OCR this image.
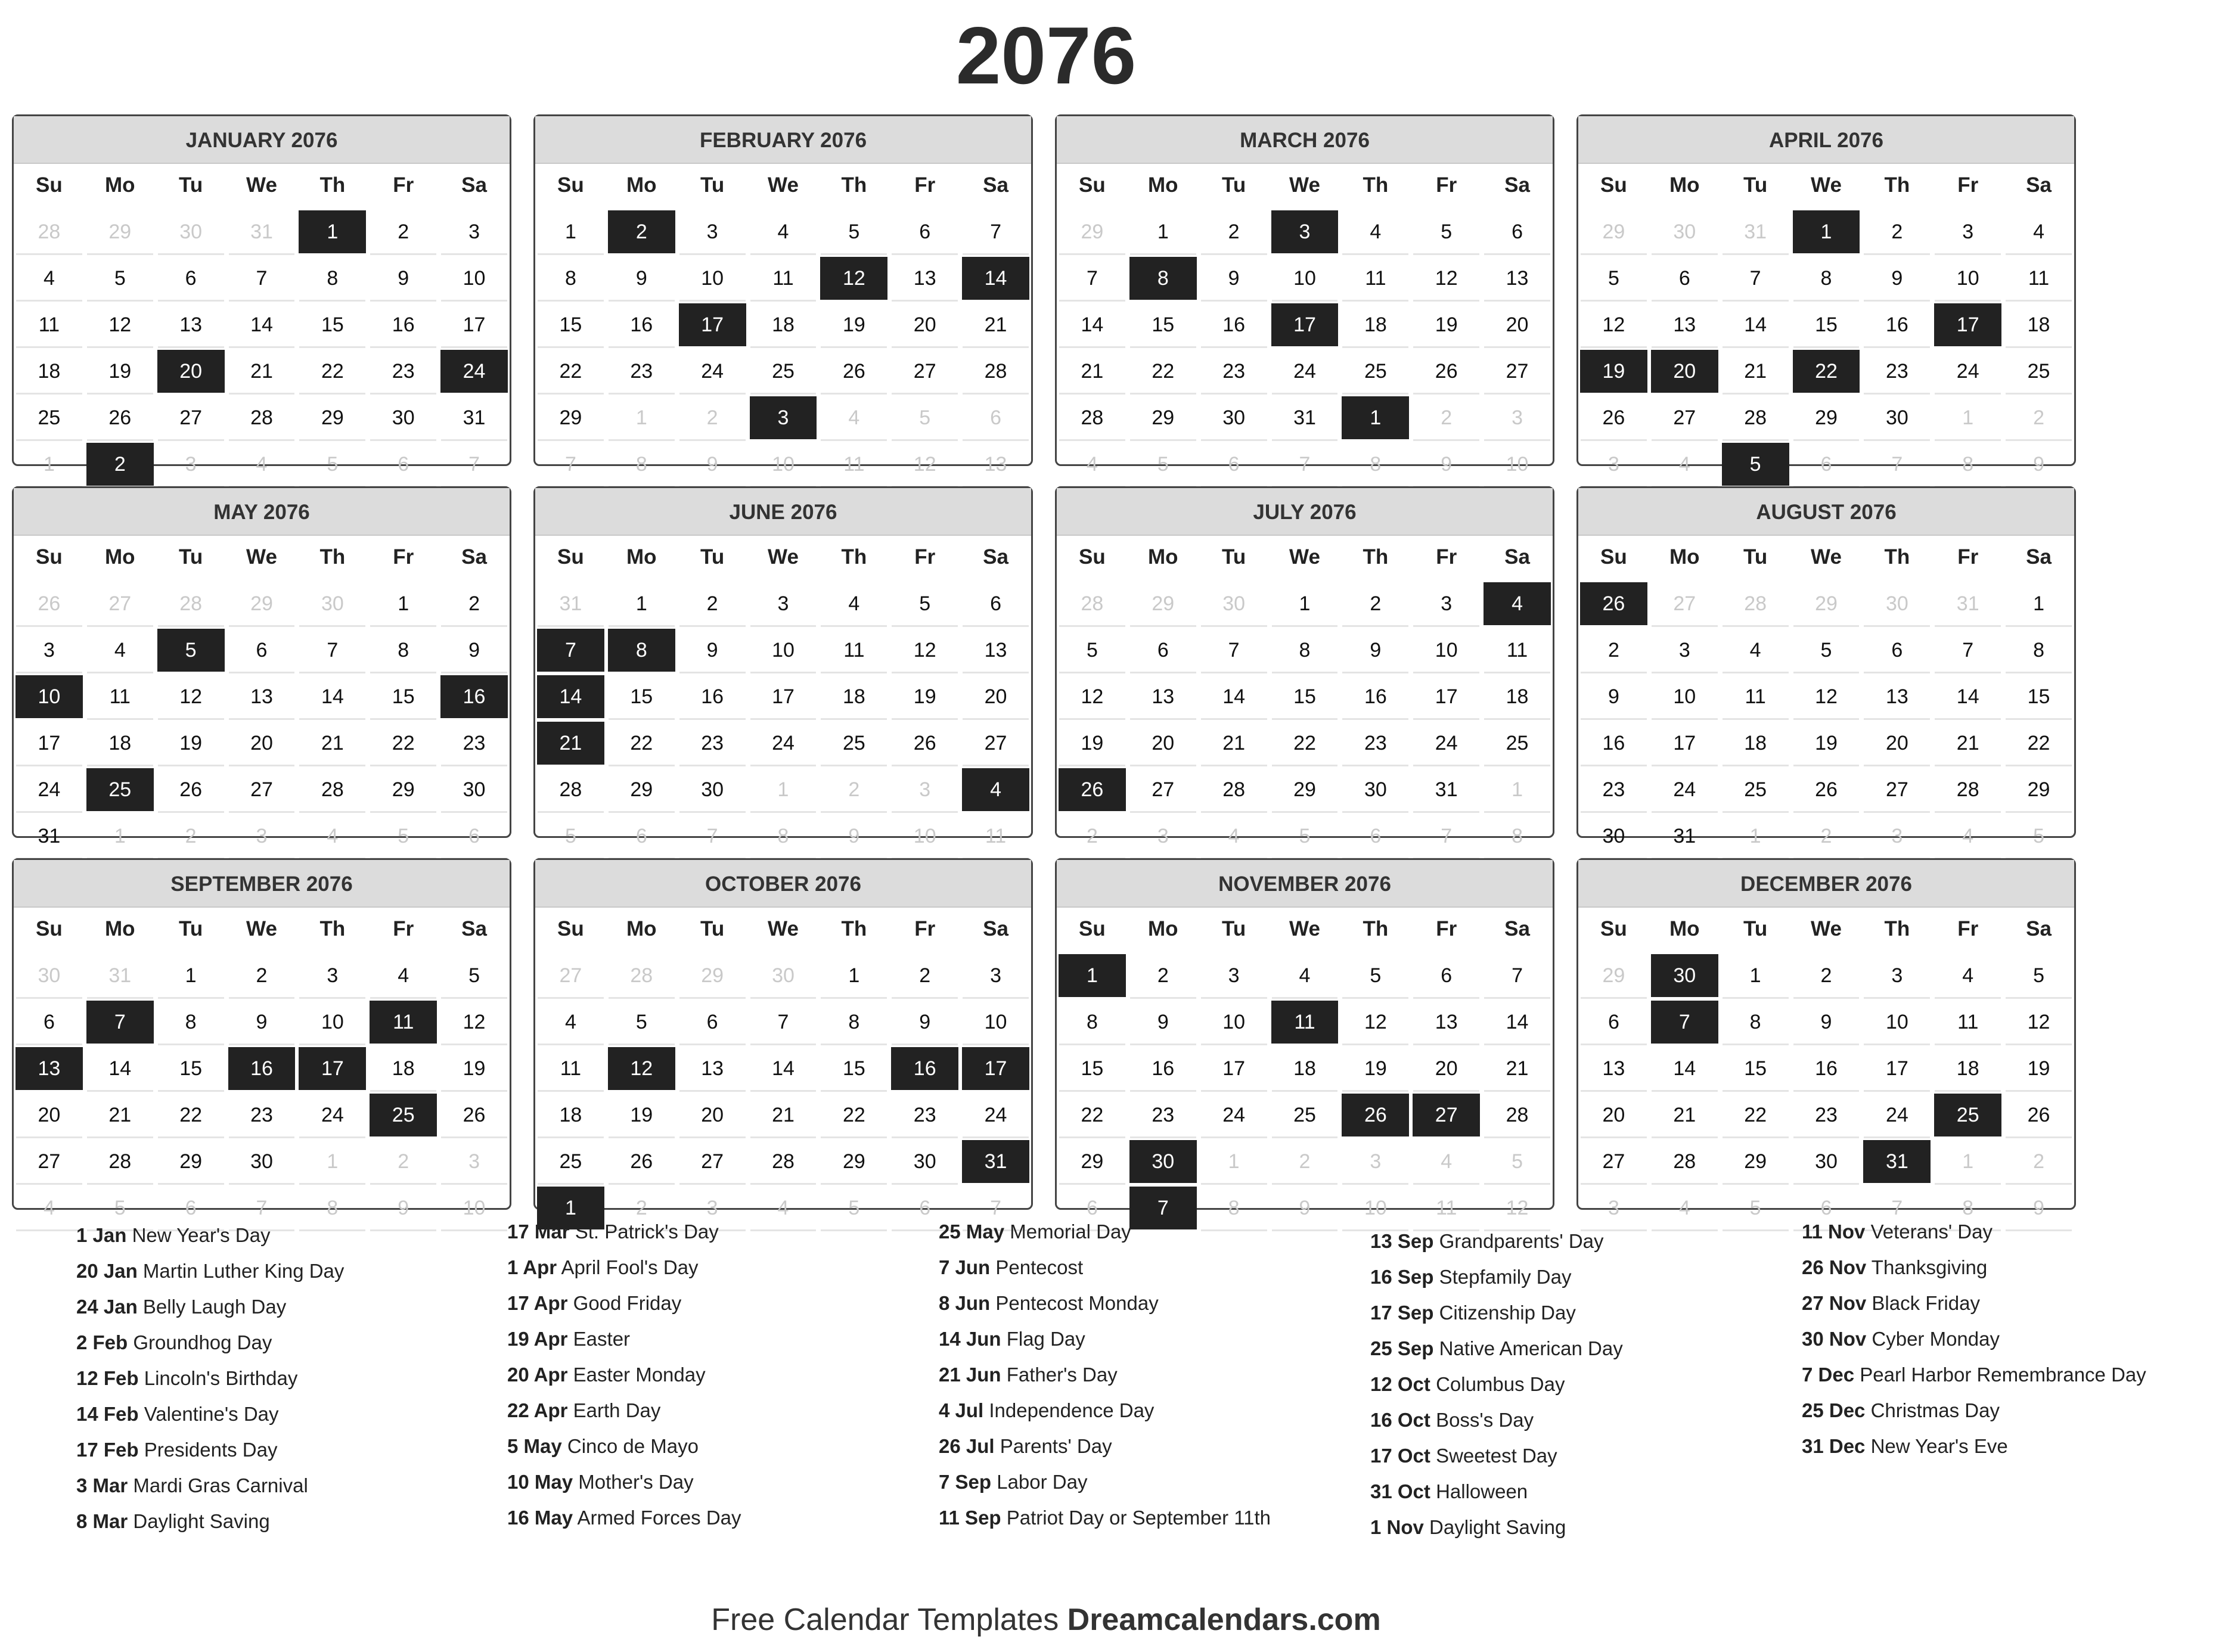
2076
JANUARY 2076
Su	Mo	Tu	We	Th	Fr	Sa
28	29	30	31	1	2	3
4	5	6	7	8	9	10
11	12	13	14	15	16	17
18	19	20	21	22	23	24
25	26	27	28	29	30	31
1	2	3	4	5	6	7
FEBRUARY 2076
Su	Mo	Tu	We	Th	Fr	Sa
1	2	3	4	5	6	7
8	9	10	11	12	13	14
15	16	17	18	19	20	21
22	23	24	25	26	27	28
29	1	2	3	4	5	6
7	8	9	10	11	12	13
MARCH 2076
Su	Mo	Tu	We	Th	Fr	Sa
29	1	2	3	4	5	6
7	8	9	10	11	12	13
14	15	16	17	18	19	20
21	22	23	24	25	26	27
28	29	30	31	1	2	3
4	5	6	7	8	9	10
APRIL 2076
Su	Mo	Tu	We	Th	Fr	Sa
29	30	31	1	2	3	4
5	6	7	8	9	10	11
12	13	14	15	16	17	18
19	20	21	22	23	24	25
26	27	28	29	30	1	2
3	4	5	6	7	8	9
MAY 2076
Su	Mo	Tu	We	Th	Fr	Sa
26	27	28	29	30	1	2
3	4	5	6	7	8	9
10	11	12	13	14	15	16
17	18	19	20	21	22	23
24	25	26	27	28	29	30
31	1	2	3	4	5	6
JUNE 2076
Su	Mo	Tu	We	Th	Fr	Sa
31	1	2	3	4	5	6
7	8	9	10	11	12	13
14	15	16	17	18	19	20
21	22	23	24	25	26	27
28	29	30	1	2	3	4
5	6	7	8	9	10	11
JULY 2076
Su	Mo	Tu	We	Th	Fr	Sa
28	29	30	1	2	3	4
5	6	7	8	9	10	11
12	13	14	15	16	17	18
19	20	21	22	23	24	25
26	27	28	29	30	31	1
2	3	4	5	6	7	8
AUGUST 2076
Su	Mo	Tu	We	Th	Fr	Sa
26	27	28	29	30	31	1
2	3	4	5	6	7	8
9	10	11	12	13	14	15
16	17	18	19	20	21	22
23	24	25	26	27	28	29
30	31	1	2	3	4	5
SEPTEMBER 2076
Su	Mo	Tu	We	Th	Fr	Sa
30	31	1	2	3	4	5
6	7	8	9	10	11	12
13	14	15	16	17	18	19
20	21	22	23	24	25	26
27	28	29	30	1	2	3
4	5	6	7	8	9	10
OCTOBER 2076
Su	Mo	Tu	We	Th	Fr	Sa
27	28	29	30	1	2	3
4	5	6	7	8	9	10
11	12	13	14	15	16	17
18	19	20	21	22	23	24
25	26	27	28	29	30	31
1	2	3	4	5	6	7
NOVEMBER 2076
Su	Mo	Tu	We	Th	Fr	Sa
1	2	3	4	5	6	7
8	9	10	11	12	13	14
15	16	17	18	19	20	21
22	23	24	25	26	27	28
29	30	1	2	3	4	5
6	7	8	9	10	11	12
DECEMBER 2076
Su	Mo	Tu	We	Th	Fr	Sa
29	30	1	2	3	4	5
6	7	8	9	10	11	12
13	14	15	16	17	18	19
20	21	22	23	24	25	26
27	28	29	30	31	1	2
3	4	5	6	7	8	9
1 Jan New Year's Day
20 Jan Martin Luther King Day
24 Jan Belly Laugh Day
2 Feb Groundhog Day
12 Feb Lincoln's Birthday
14 Feb Valentine's Day
17 Feb Presidents Day
3 Mar Mardi Gras Carnival
8 Mar Daylight Saving
17 Mar St. Patrick's Day
1 Apr April Fool's Day
17 Apr Good Friday
19 Apr Easter
20 Apr Easter Monday
22 Apr Earth Day
5 May Cinco de Mayo
10 May Mother's Day
16 May Armed Forces Day
25 May Memorial Day
7 Jun Pentecost
8 Jun Pentecost Monday
14 Jun Flag Day
21 Jun Father's Day
4 Jul Independence Day
26 Jul Parents' Day
7 Sep Labor Day
11 Sep Patriot Day or September 11th
13 Sep Grandparents' Day
16 Sep Stepfamily Day
17 Sep Citizenship Day
25 Sep Native American Day
12 Oct Columbus Day
16 Oct Boss's Day
17 Oct Sweetest Day
31 Oct Halloween
1 Nov Daylight Saving
11 Nov Veterans' Day
26 Nov Thanksgiving
27 Nov Black Friday
30 Nov Cyber Monday
7 Dec Pearl Harbor Remembrance Day
25 Dec Christmas Day
31 Dec New Year's Eve
Free Calendar Templates Dreamcalendars.com
